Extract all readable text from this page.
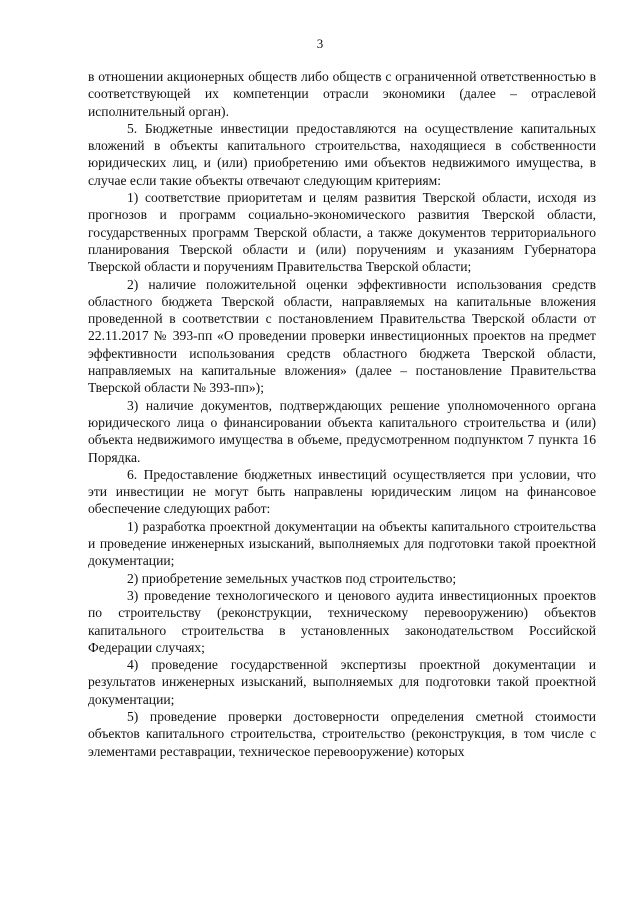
3

в отношении акционерных обществ либо обществ с ограниченной ответственностью в соответствующей их компетенции отрасли экономики (далее – отраслевой исполнительный орган).

5. Бюджетные инвестиции предоставляются на осуществление капитальных вложений в объекты капитального строительства, находящиеся в собственности юридических лиц, и (или) приобретению ими объектов недвижимого имущества, в случае если такие объекты отвечают следующим критериям:

1) соответствие приоритетам и целям развития Тверской области, исходя из прогнозов и программ социально-экономического развития Тверской области, государственных программ Тверской области, а также документов территориального планирования Тверской области и (или) поручениям и указаниям Губернатора Тверской области и поручениям Правительства Тверской области;

2) наличие положительной оценки эффективности использования средств областного бюджета Тверской области, направляемых на капитальные вложения проведенной в соответствии с постановлением Правительства Тверской области от 22.11.2017 № 393-пп «О проведении проверки инвестиционных проектов на предмет эффективности использования средств областного бюджета Тверской области, направляемых на капитальные вложения» (далее – постановление Правительства Тверской области № 393-пп»);

3) наличие документов, подтверждающих решение уполномоченного органа юридического лица о финансировании объекта капитального строительства и (или) объекта недвижимого имущества в объеме, предусмотренном подпунктом 7 пункта 16 Порядка.

6. Предоставление бюджетных инвестиций осуществляется при условии, что эти инвестиции не могут быть направлены юридическим лицом на финансовое обеспечение следующих работ:

1) разработка проектной документации на объекты капитального строительства и проведение инженерных изысканий, выполняемых для подготовки такой проектной документации;

2) приобретение земельных участков под строительство;

3) проведение технологического и ценового аудита инвестиционных проектов по строительству (реконструкции, техническому перевооружению) объектов капитального строительства в установленных законодательством Российской Федерации случаях;

4) проведение государственной экспертизы проектной документации и результатов инженерных изысканий, выполняемых для подготовки такой проектной документации;

5) проведение проверки достоверности определения сметной стоимости объектов капитального строительства, строительство (реконструкция, в том числе с элементами реставрации, техническое перевооружение) которых
